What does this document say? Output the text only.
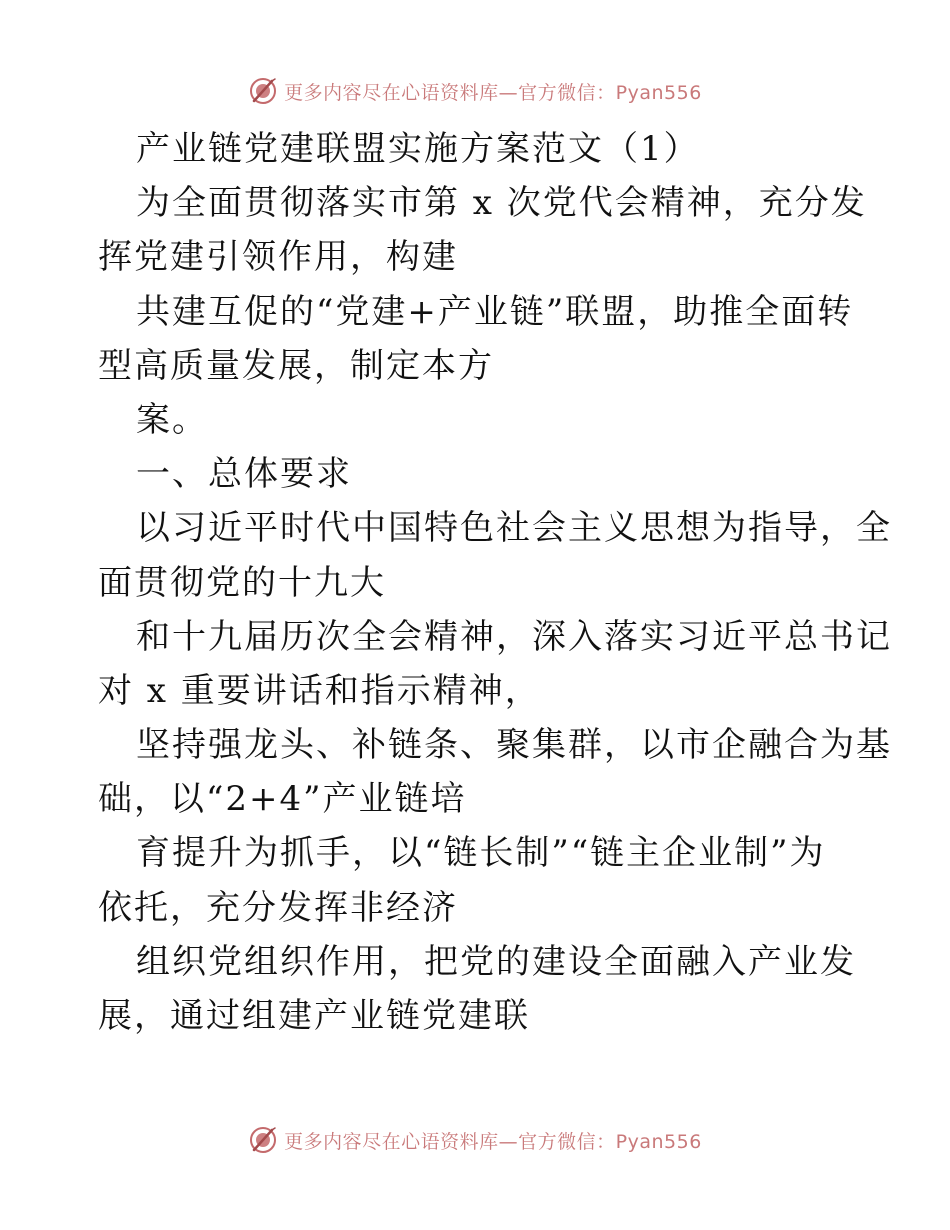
更多内容尽在心语资料库—官方微信：Pyan556
产业链党建联盟实施方案范文（1）
为全面贯彻落实市第 x 次党代会精神，充分发
挥党建引领作用，构建
共建互促的“党建+产业链”联盟，助推全面转
型高质量发展，制定本方
案。
一、总体要求
以习近平时代中国特色社会主义思想为指导，全
面贯彻党的十九大
和十九届历次全会精神，深入落实习近平总书记
对 x 重要讲话和指示精神，
坚持强龙头、补链条、聚集群，以市企融合为基
础，以“2+4”产业链培
育提升为抓手，以“链长制”“链主企业制”为
依托，充分发挥非经济
组织党组织作用，把党的建设全面融入产业发
展，通过组建产业链党建联
更多内容尽在心语资料库—官方微信：Pyan556
